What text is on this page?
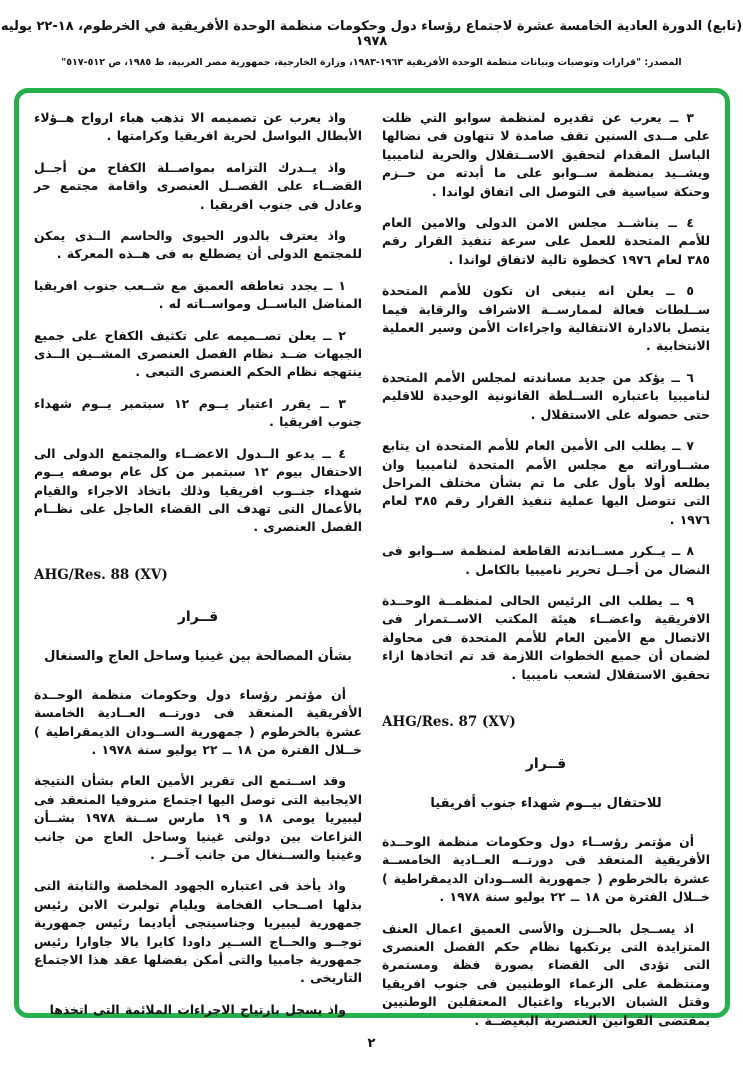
(تابع) الدورة العادية الخامسة عشرة لاجتماع رؤساء دول وحكومات منظمة الوحدة الأفريقية في الخرطوم، ١٨-٢٢ يوليه ١٩٧٨
المصدر: "قرارات وتوصيات وبيانات منظمة الوحدة الأفريقية ١٩٦٣-١٩٨٣، وزارة الخارجية، جمهورية مصر العربية، ط ١٩٨٥، ص ٥١٢-٥١٧"
٣ ــ يعرب عن تقديره لمنظمة سوابو التي ظلت على مــدى السنين تقف صامدة لا تتهاون فى نضالها الباسل المقدام لتحقيق الاســتقلال والحرية لناميبيا ويشــيد بمنظمة ســوابو على ما أبدته من حــزم وحنكة سياسية فى التوصل الى اتفاق لواندا .
٤ ــ يناشــد مجلس الامن الدولى والامين العام للأمم المتحدة للعمل على سرعة تنفيذ القرار رقم ٣٨٥ لعام ١٩٧٦ كخطوة تالية لاتفاق لواندا .
٥ ــ يعلن انه ينبغى ان تكون للأمم المتحدة ســلطات فعالة لممارســة الاشراف والرقابة فيما يتصل بالادارة الانتقالية واجراءات الأمن وسير العملية الانتخابية .
٦ ــ يؤكد من جديد مساندته لمجلس الأمم المتحدة لناميبيا باعتباره الســلطة القانونية الوحيدة للاقليم حتى حصوله على الاستقلال .
٧ ــ يطلب الى الأمين العام للأمم المتحدة ان يتابع مشــاوراته مع مجلس الأمم المتحدة لناميبيا وان يطلعه أولا بأول على ما تم بشأن مختلف المراحل التى تتوصل اليها عملية تنفيذ القرار رقم ٣٨٥ لعام ١٩٧٦ .
٨ ــ يــكرر مســاندته القاطعة لمنظمة ســوابو فى النضال من أجــل تحرير ناميبيا بالكامل .
٩ ــ يطلب الى الرئيس الحالى لمنظمــة الوحــدة الافريقية واعضــاء هيئة المكتب الاســتمرار فى الاتصال مع الأمين العام للأمم المتحدة فى محاولة لضمان أن جميع الخطوات اللازمة قد تم اتخاذها ازاء تحقيق الاستقلال لشعب ناميبيا .
AHG/Res. 87 (XV)
قــرار
للاحتفال بيــوم شهداء جنوب أفريقيا
أن مؤتمر رؤســاء دول وحكومات منظمة الوحــدة الأفريقية المنعقد فى دورتــه العــادية الخامســة عشرة بالخرطوم ( جمهورية الســودان الديمقراطية ) خــلال الفترة من ١٨ ــ ٢٢ يوليو سنة ١٩٧٨ .
اذ يســجل بالحــزن والأسى العميق اعمال العنف المتزايدة التى يرتكبها نظام حكم الفصل العنصرى التى تؤدى الى القضاء بصورة فظة ومستمرة ومنتظمة على الزعماء الوطنيين فى جنوب افريقيا وقتل الشبان الابرياء واغتيال المعتقلين الوطنيين بمقتضى القوانين العنصرية البغيضــة .
واذ يعرب عن تصميمه الا تذهب هباء ارواح هــؤلاء الأبطال البواسل لحرية افريقيا وكرامتها .
واذ يــدرك التزامه بمواصــلة الكفاح من أجــل القضــاء على الفصــل العنصرى واقامة مجتمع حر وعادل فى جنوب افريقيا .
واذ يعترف بالدور الحيوى والحاسم الــذى يمكن للمجتمع الدولى أن يضطلع به فى هــذه المعركة .
١ ــ يجدد تعاطفه العميق مع شــعب جنوب افريقيا المناضل الباســل ومواســاته له .
٢ ــ يعلن تصــميمه على تكثيف الكفاح على جميع الجبهات ضــد نظام الفصل العنصرى المشــين الــذى ينتهجه نظام الحكم العنصرى التبعى .
٣ ــ يقرر اعتبار يــوم ١٢ سبتمبر يــوم شهداء جنوب افريقيا .
٤ ــ يدعو الــدول الاعضــاء والمجتمع الدولى الى الاحتفال بيوم ١٢ سبتمبر من كل عام بوصفه يــوم شهداء جنــوب افريقيا وذلك باتخاذ الاجراء والقيام بالأعمال التى تهدف الى القضاء العاجل على نظــام الفصل العنصرى .
AHG/Res. 88 (XV)
قــرار
بشأن المصالحة بين غينيا وساحل العاج والسنغال
أن مؤتمر رؤساء دول وحكومات منظمة الوحــدة الأفريقية المنعقد فى دورتــه العــادية الخامسة عشرة بالخرطوم ( جمهورية الســودان الديمقراطية ) خــلال الفترة من ١٨ ــ ٢٢ يوليو سنة ١٩٧٨ .
وقد اســتمع الى تقرير الأمين العام بشأن النتيجة الايجابية التى توصل اليها اجتماع منروفيا المنعقد فى ليبيريا يومى ١٨ و ١٩ مارس ســنة ١٩٧٨ بشــأن النزاعات بين دولتى غينيا وساحل العاج من جانب وغينيا والســنغال من جانب آخــر .
واذ يأخذ فى اعتباره الجهود المخلصة والثابتة التى بذلها اصــحاب الفخامة ويليام تولبرت الابن رئيس جمهورية ليبيريا وجناسينجى أياديما رئيس جمهورية توجــو والحــاج الســير داودا كايرا بالا جاوارا رئيس جمهورية جامبيا والتى أمكن بفضلها عقد هذا الاجتماع التاريخى .
واذ يسجل بارتياح الاجراءات الملائمة التى اتخذها
٢
